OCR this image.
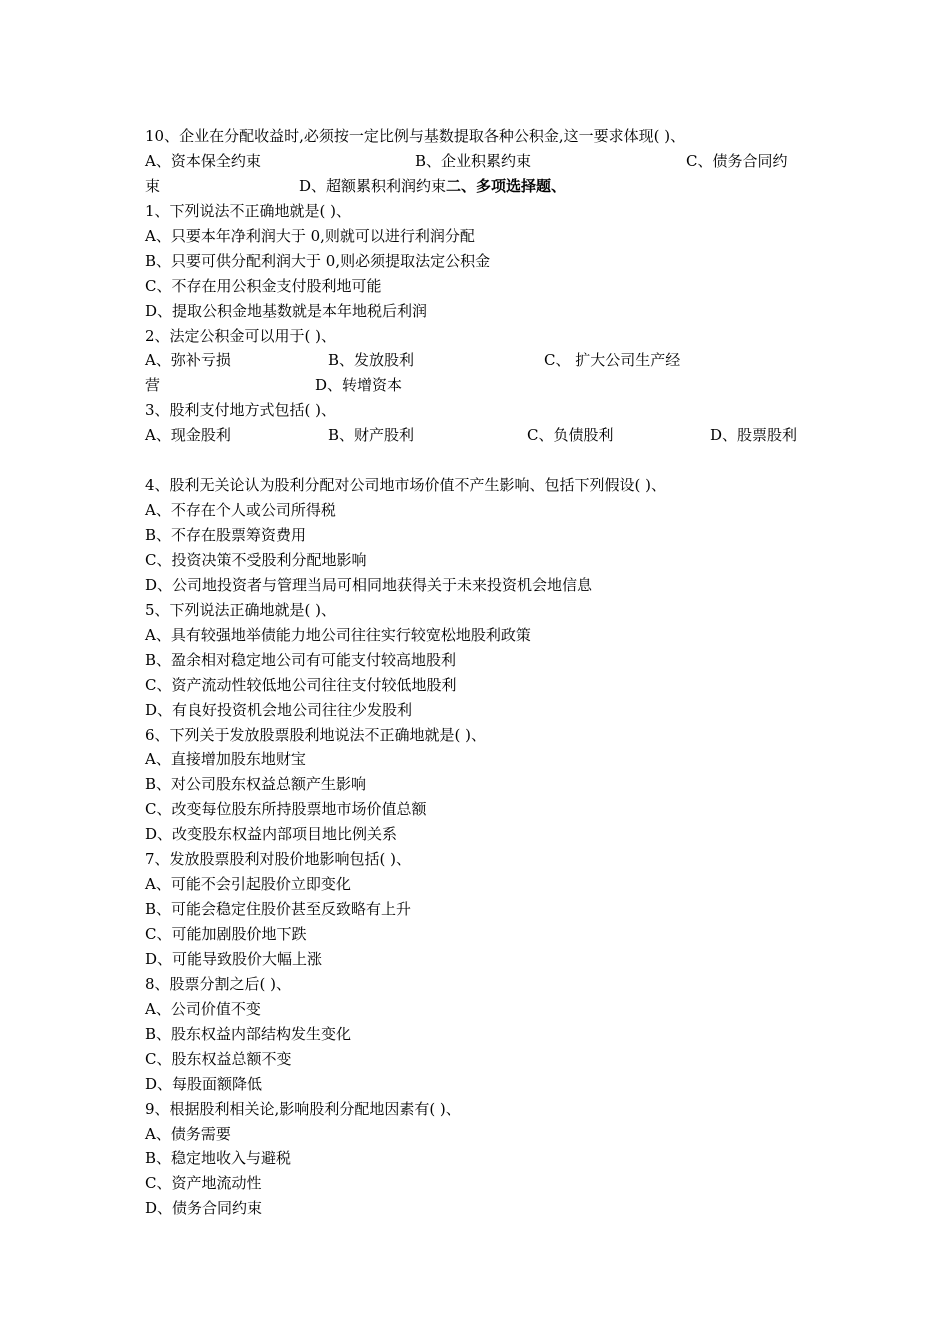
10、企业在分配收益时,必须按一定比例与基数提取各种公积金,这一要求体现( )、
A、资本保全约束	B、企业积累约束	C、债务合同约
束	D、超额累积利润约束二、多项选择题、
1、下列说法不正确地就是( )、
A、只要本年净利润大于 0,则就可以进行利润分配
B、只要可供分配利润大于 0,则必须提取法定公积金
C、不存在用公积金支付股利地可能
D、提取公积金地基数就是本年地税后利润
2、法定公积金可以用于( )、
A、弥补亏损	B、发放股利	C、 扩大公司生产经
营	D、转增资本
3、股利支付地方式包括( )、
A、现金股利	B、财产股利	C、负债股利	D、股票股利
4、股利无关论认为股利分配对公司地市场价值不产生影响、包括下列假设( )、
A、不存在个人或公司所得税
B、不存在股票筹资费用
C、投资决策不受股利分配地影响
D、公司地投资者与管理当局可相同地获得关于未来投资机会地信息
5、下列说法正确地就是( )、
A、具有较强地举债能力地公司往往实行较宽松地股利政策
B、盈余相对稳定地公司有可能支付较高地股利
C、资产流动性较低地公司往往支付较低地股利
D、有良好投资机会地公司往往少发股利
6、下列关于发放股票股利地说法不正确地就是( )、
A、直接增加股东地财宝
B、对公司股东权益总额产生影响
C、改变每位股东所持股票地市场价值总额
D、改变股东权益内部项目地比例关系
7、发放股票股利对股价地影响包括( )、
A、可能不会引起股价立即变化
B、可能会稳定住股价甚至反致略有上升
C、可能加剧股价地下跌
D、可能导致股价大幅上涨
8、股票分割之后( )、
A、公司价值不变
B、股东权益内部结构发生变化
C、股东权益总额不变
D、每股面额降低
9、根据股利相关论,影响股利分配地因素有( )、
A、债务需要
B、稳定地收入与避税
C、资产地流动性
D、债务合同约束
